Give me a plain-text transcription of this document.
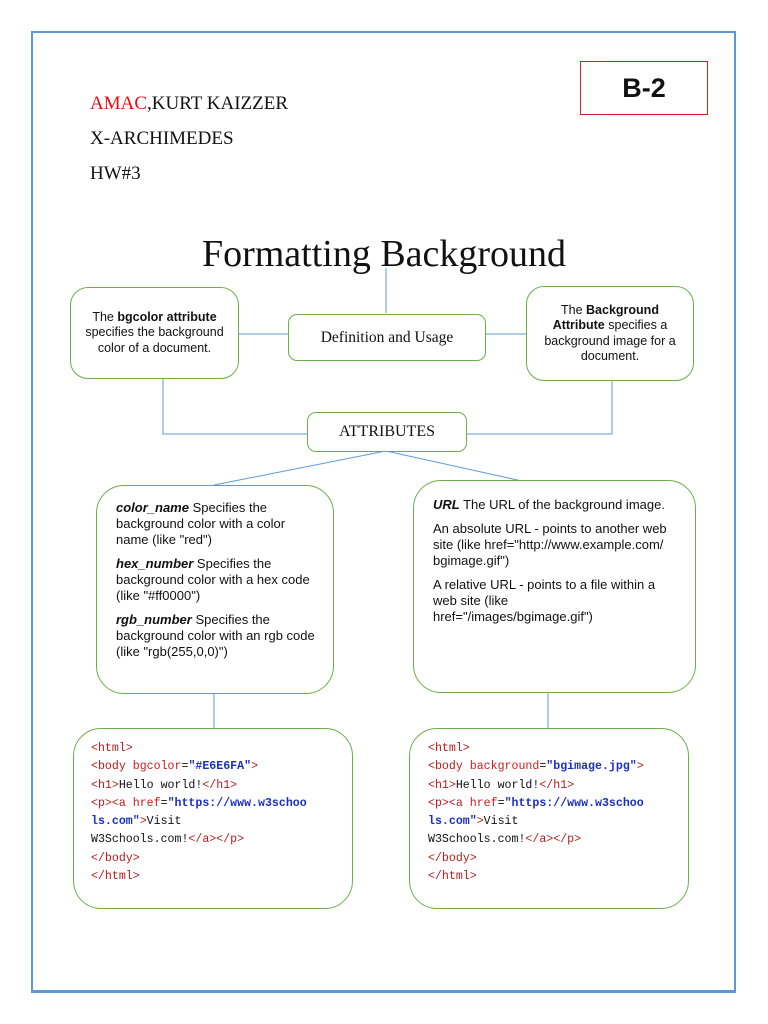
AMAC,KURT KAIZZER
X-ARCHIMEDES
HW#3
B-2
Formatting Background
The bgcolor attribute specifies the background color of a document.
Definition and Usage
The Background Attribute specifies a background image for a document.
ATTRIBUTES

color_name Specifies the background color with a color name (like "red")

hex_number Specifies the background color with a hex code (like "#ff0000")

rgb_number Specifies the background color with an rgb code (like "rgb(255,0,0)")

URL The URL of the background image.

An absolute URL - points to another web site (like href="http://www.example.com/ bgimage.gif")

A relative URL - points to a file within a web site (like href="/images/bgimage.gif")

<html>
<body bgcolor="#E6E6FA">
<h1>Hello world!</h1>
<p><a href="https://www.w3schoo
ls.com">Visit
W3Schools.com!</a></p>
</body>
</html>
<html>
<body background="bgimage.jpg">
<h1>Hello world!</h1>
<p><a href="https://www.w3schoo
ls.com">Visit
W3Schools.com!</a></p>
</body>
</html>
